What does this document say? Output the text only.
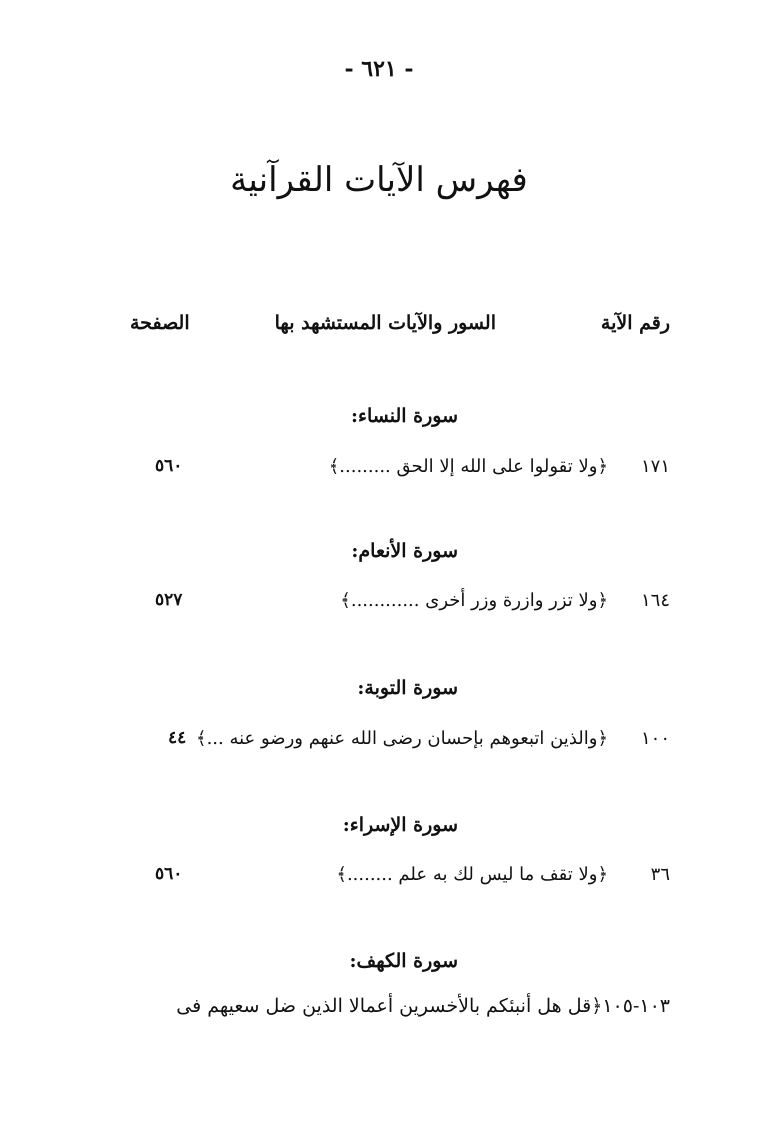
- ٦٢١ -
فهرس الآيات القرآنية
رقم الآية
السور والآيات المستشهد بها
الصفحة
سورة النساء:
١٧١
﴿ولا تقولوا على الله إلا الحق .........﴾
٥٦٠
سورة الأنعام:
١٦٤
﴿ولا تزر وازرة وزر أخرى ............﴾
٥٢٧
سورة التوبة:
١٠٠
﴿والذين اتبعوهم بإحسان رضى الله عنهم ورضو عنه ...﴾
٤٤
سورة الإسراء:
٣٦
﴿ولا تقف ما ليس لك به علم ........﴾
٥٦٠
سورة الكهف:
١٠٣-١٠٥﴿قل هل أنبئكم بالأخسرين أعمالا الذين ضل سعيهم فى
